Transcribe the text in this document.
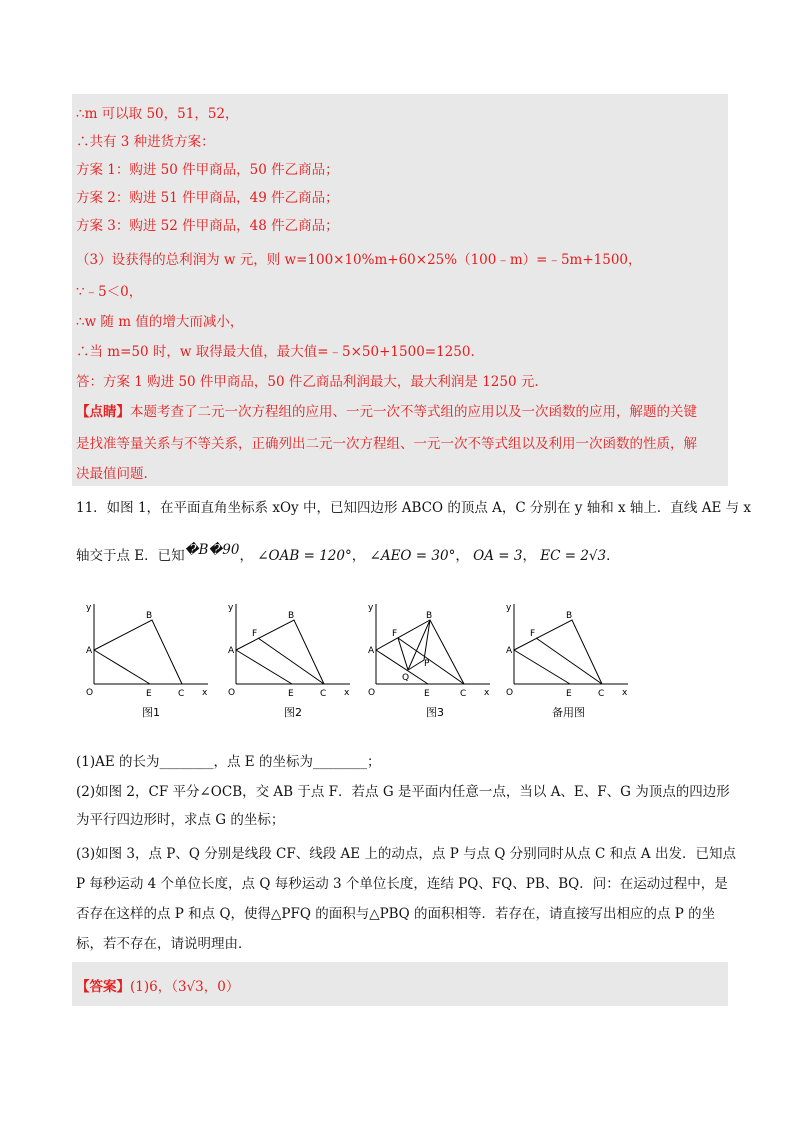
∴m 可以取 50，51，52，
∴共有 3 种进货方案：
方案 1：购进 50 件甲商品，50 件乙商品；
方案 2：购进 51 件甲商品，49 件乙商品；
方案 3：购进 52 件甲商品，48 件乙商品；
（3）设获得的总利润为 w 元，则 w=100×10%m+60×25%（100﹣m）=﹣5m+1500，
∵﹣5＜0，
∴w 随 m 值的增大而减小，
∴当 m=50 时，w 取得最大值，最大值=﹣5×50+1500=1250.
答：方案 1 购进 50 件甲商品，50 件乙商品利润最大，最大利润是 1250 元.
【点睛】本题考查了二元一次方程组的应用、一元一次不等式组的应用以及一次函数的应用，解题的关键
是找准等量关系与不等关系，正确列出二元一次方程组、一元一次不等式组以及利用一次函数的性质，解
决最值问题.
11．如图 1，在平面直角坐标系 xOy 中，已知四边形 ABCO 的顶点 A，C 分别在 y 轴和 x 轴上．直线 AE 与 x
轴交于点 E．已知�B�90， ∠OAB = 120°， ∠AEO = 30°， OA = 3， EC = 2√3．
y
x
O
A
B
E	C
图1
y
x
O
A
F
B
E	C
图2
y
x
O
A
F
B
P
Q
E	C
图3
y
x
O
A
F
B
E	C
备用图
(1)AE 的长为________，点 E 的坐标为________；
(2)如图 2，CF 平分∠OCB，交 AB 于点 F．若点 G 是平面内任意一点，当以 A、E、F、G 为顶点的四边形
为平行四边形时，求点 G 的坐标；
(3)如图 3，点 P、Q 分别是线段 CF、线段 AE 上的动点，点 P 与点 Q 分别同时从点 C 和点 A 出发．已知点
P 每秒运动 4 个单位长度，点 Q 每秒运动 3 个单位长度，连结 PQ、FQ、PB、BQ．问：在运动过程中，是
否存在这样的点 P 和点 Q，使得△PFQ 的面积与△PBQ 的面积相等．若存在，请直接写出相应的点 P 的坐
标，若不存在，请说明理由．
【答案】(1)6，（3√3，0）
